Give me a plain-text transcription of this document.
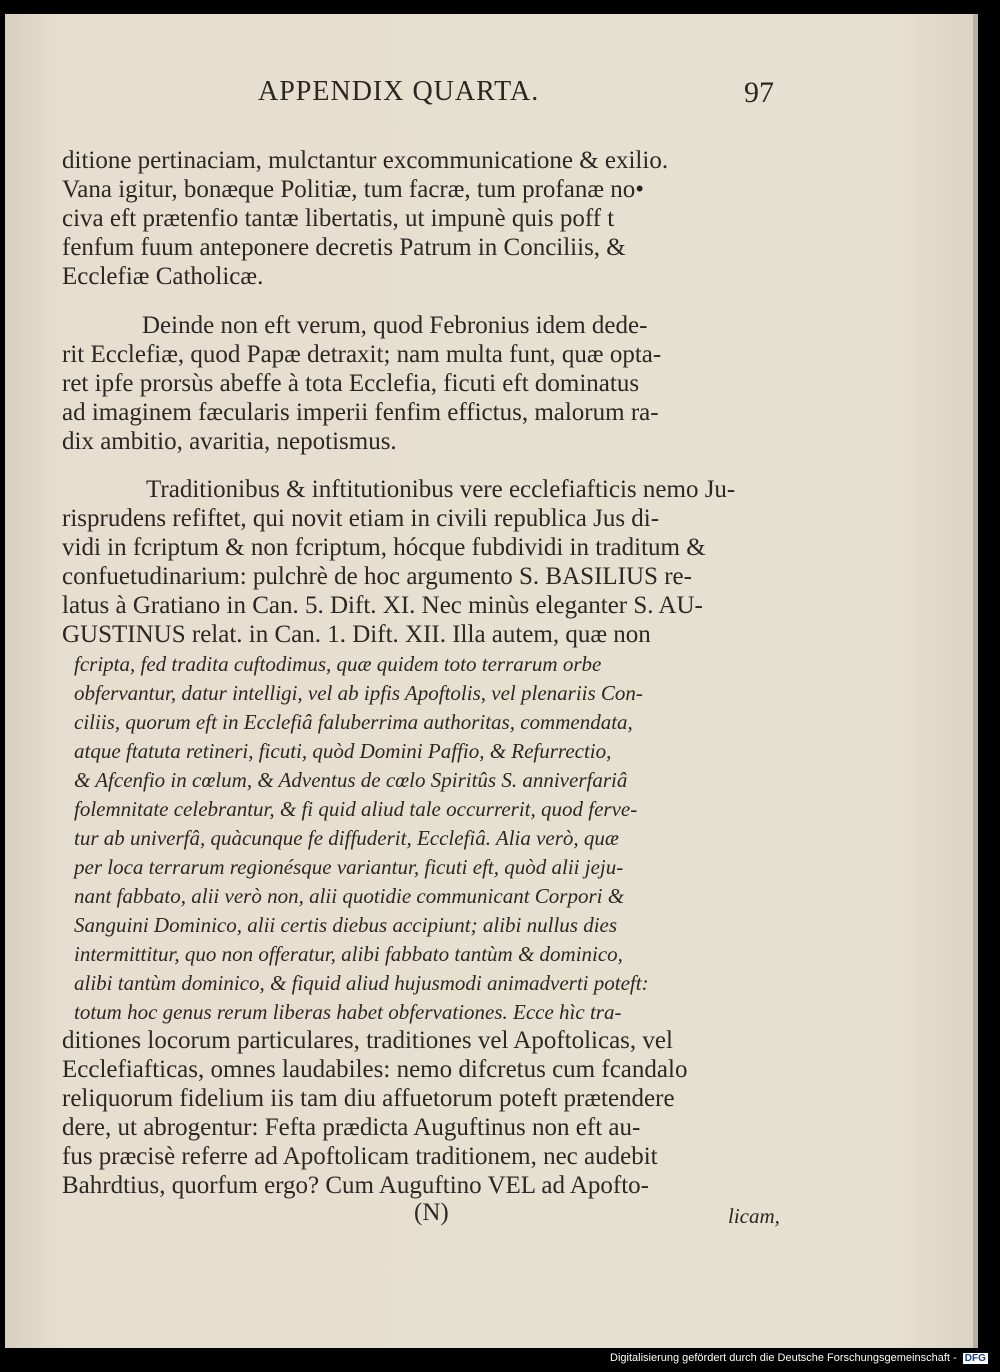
APPENDIX QUARTA.	97
ditione pertinaciam, mulctantur excommunicatione & exilio.
Vana igitur, bonæque Politiæ, tum facræ, tum profanæ no•
civa eft prætenfio tantæ libertatis, ut impunè quis poff t
fenfum fuum anteponere decretis Patrum in Conciliis, &
Ecclefiæ Catholicæ.
Deinde non eft verum, quod Febronius idem dede-
rit Ecclefiæ, quod Papæ detraxit; nam multa funt, quæ opta-
ret ipfe prorsùs abeffe à tota Ecclefia, ficuti eft dominatus
ad imaginem fæcularis imperii fenfim effictus, malorum ra-
dix ambitio, avaritia, nepotismus.
Traditionibus & inftitutionibus vere ecclefiafticis nemo Ju-
risprudens refiftet, qui novit etiam in civili republica Jus di-
vidi in fcriptum & non fcriptum, hócque fubdividi in traditum &
confuetudinarium: pulchrè de hoc argumento S. BASILIUS re-
latus à Gratiano in Can. 5. Dift. XI. Nec minùs eleganter S. AU-
GUSTINUS relat. in Can. 1. Dift. XII. Illa autem, quæ non
fcripta, fed tradita cuftodimus, quæ quidem toto terrarum orbe
obfervantur, datur intelligi, vel ab ipfis Apoftolis, vel plenariis Con-
ciliis, quorum eft in Ecclefiâ faluberrima authoritas, commendata,
atque ftatuta retineri, ficuti, quòd Domini Paffio, & Refurrectio,
& Afcenfio in cœlum, & Adventus de cœlo Spiritûs S. anniverfariâ
folemnitate celebrantur, & fi quid aliud tale occurrerit, quod ferve-
tur ab univerfâ, quàcunque fe diffuderit, Ecclefiâ. Alia verò, quæ
per loca terrarum regionésque variantur, ficuti eft, quòd alii jeju-
nant fabbato, alii verò non, alii quotidie communicant Corpori &
Sanguini Dominico, alii certis diebus accipiunt; alibi nullus dies
intermittitur, quo non offeratur, alibi fabbato tantùm & dominico,
alibi tantùm dominico, & fiquid aliud hujusmodi animadverti poteft:
totum hoc genus rerum liberas habet obfervationes. Ecce hìc tra-
ditiones locorum particulares, traditiones vel Apoftolicas, vel
Ecclefiafticas, omnes laudabiles: nemo difcretus cum fcandalo
reliquorum fidelium iis tam diu affuetorum poteft prætendere
dere, ut abrogentur: Fefta prædicta Auguftinus non eft au-
fus præcisè referre ad Apoftolicam traditionem, nec audebit
Bahrdtius, quorfum ergo? Cum Auguftino VEL ad Apofto-
(N)	licam,
Digitalisierung gefördert durch die Deutsche Forschungsgemeinschaft - DFG
